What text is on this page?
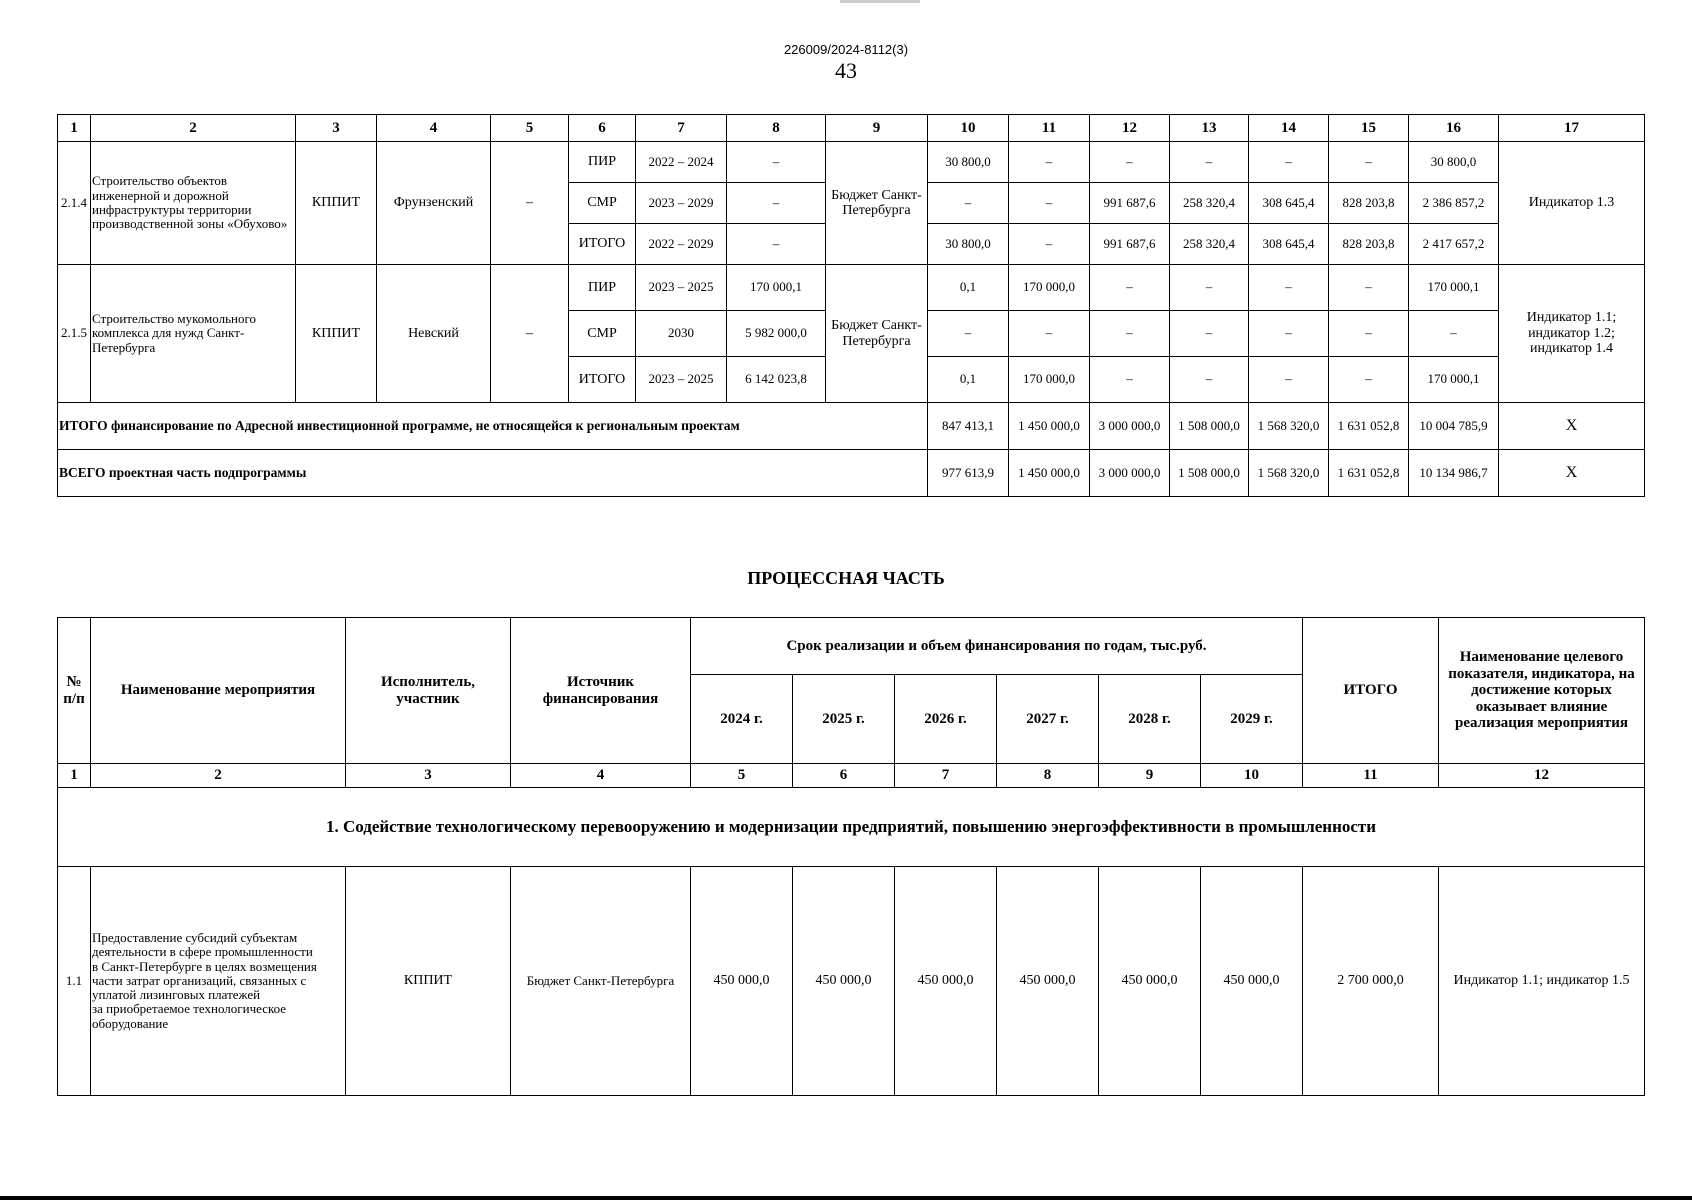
226009/2024-8112(3)
43
1	2	3	4	5	6	7	8	9	10	11	12	13	14	15	16	17
2.1.4	Строительство объектов инженерной и дорожной инфраструктуры территории производственной зоны «Обухово»	КППИТ	Фрунзенский	–	ПИР	2022 – 2024	–	Бюджет Санкт-Петербурга	30 800,0	–	–	–	–	–	30 800,0	Индикатор 1.3
					СМР	2023 – 2029	–		–	–	991 687,6	258 320,4	308 645,4	828 203,8	2 386 857,2	
					ИТОГО	2022 – 2029	–		30 800,0	–	991 687,6	258 320,4	308 645,4	828 203,8	2 417 657,2	
2.1.5	Строительство мукомольного комплекса для нужд Санкт-Петербурга	КППИТ	Невский	–	ПИР	2023 – 2025	170 000,1	Бюджет Санкт-Петербурга	0,1	170 000,0	–	–	–	–	170 000,1	Индикатор 1.1; индикатор 1.2; индикатор 1.4
					СМР	2030	5 982 000,0		–	–	–	–	–	–	–	
					ИТОГО	2023 – 2025	6 142 023,8		0,1	170 000,0	–	–	–	–	170 000,1	
ИТОГО финансирование по Адресной инвестиционной программе, не относящейся к региональным проектам									847 413,1	1 450 000,0	3 000 000,0	1 508 000,0	1 568 320,0	1 631 052,8	10 004 785,9	X
ВСЕГО проектная часть подпрограммы									977 613,9	1 450 000,0	3 000 000,0	1 508 000,0	1 568 320,0	1 631 052,8	10 134 986,7	X
ПРОЦЕССНАЯ ЧАСТЬ
№ п/п	Наименование мероприятия	Исполнитель, участник	Источник финансирования	Срок реализации и объем финансирования по годам, тыс.руб.						ИТОГО	Наименование целевого показателя, индикатора, на достижение которых оказывает влияние реализация мероприятия
				2024 г.	2025 г.	2026 г.	2027 г.	2028 г.	2029 г.		
1	2	3	4	5	6	7	8	9	10	11	12
1. Содействие технологическому перевооружению и модернизации предприятий, повышению энергоэффективности в промышленности											
1.1	Предоставление субсидий субъектам деятельности в сфере промышленности
в Санкт-Петербурге в целях возмещения части затрат организаций, связанных с уплатой лизинговых платежей
за приобретаемое технологическое оборудование	КППИТ	Бюджет Санкт-Петербурга	450 000,0	450 000,0	450 000,0	450 000,0	450 000,0	450 000,0	2 700 000,0	Индикатор 1.1; индикатор 1.5
